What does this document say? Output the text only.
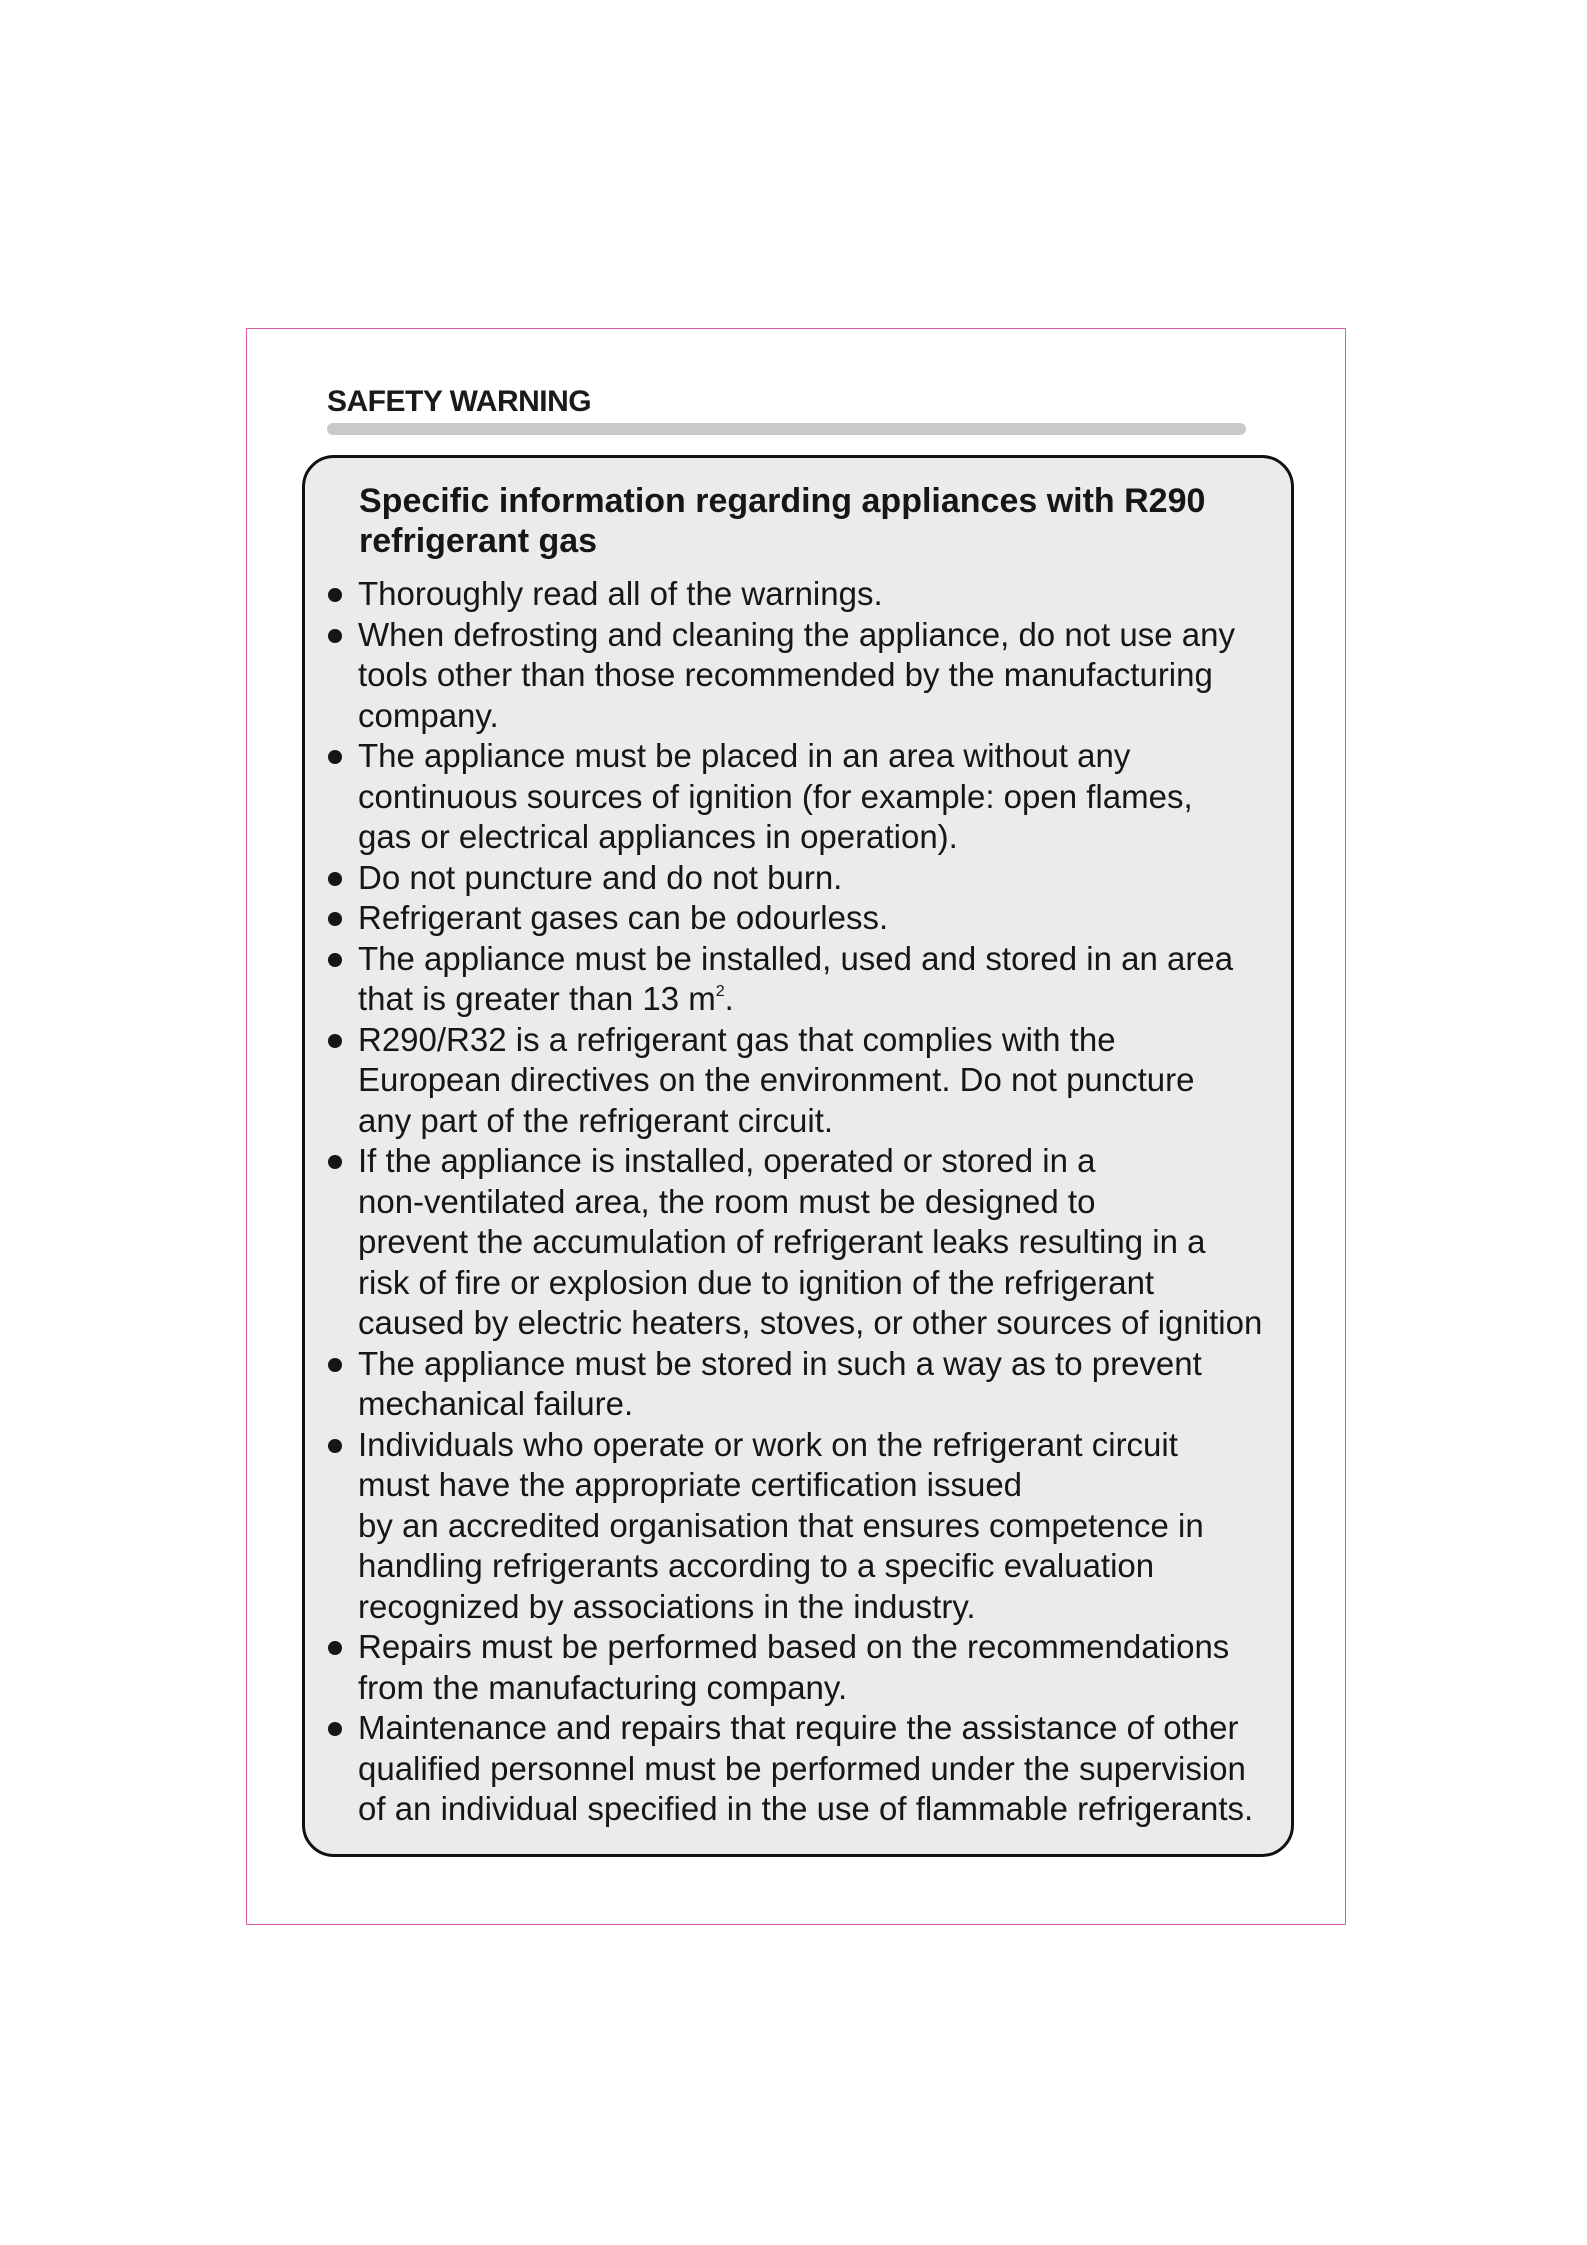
SAFETY WARNING
Specific information regarding appliances with R290
refrigerant gas
Thoroughly read all of the warnings.
When defrosting and cleaning the appliance, do not use any
tools other than those recommended by the manufacturing
company.
The appliance must be placed in an area without any
continuous sources of ignition (for example: open flames,
gas or electrical appliances in operation).
Do not puncture and do not burn.
Refrigerant gases can be odourless.
The appliance must be installed, used and stored in an area
that is greater than 13 $m^2$.
R290/R32 is a refrigerant gas that complies with the
European directives on the environment. Do not puncture
any part of the refrigerant circuit.
If the appliance is installed, operated or stored in a
non-ventilated area, the room must be designed to
prevent the accumulation of refrigerant leaks resulting in a
risk of fire or explosion due to ignition of the refrigerant
caused by electric heaters, stoves, or other sources of ignition
The appliance must be stored in such a way as to prevent
mechanical failure.
Individuals who operate or work on the refrigerant circuit
must have the appropriate certification issued
by an accredited organisation that ensures competence in
handling refrigerants according to a specific evaluation
recognized by associations in the industry.
Repairs must be performed based on the recommendations
from the manufacturing company.
Maintenance and repairs that require the assistance of other
qualified personnel must be performed under the supervision
of an individual specified in the use of flammable refrigerants.
